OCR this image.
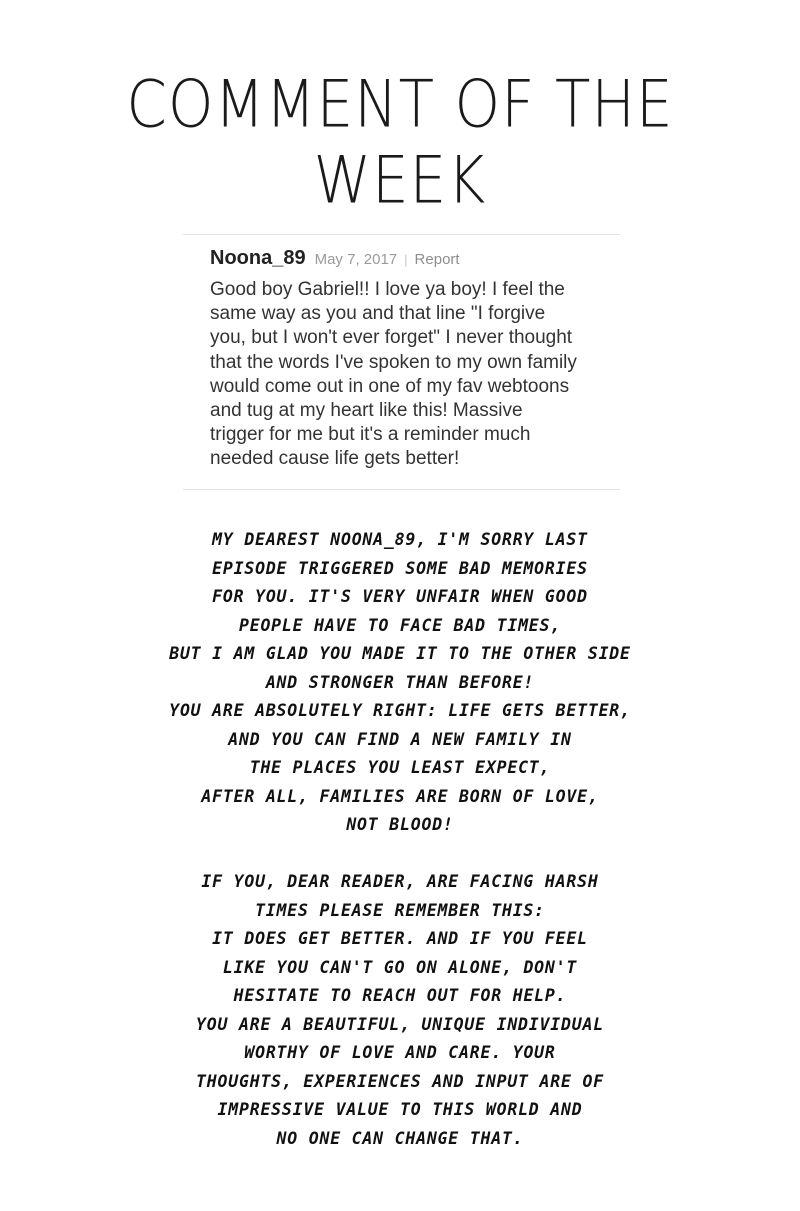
COMMENT OF THE
WEEK
Noona_89 May 7, 2017 | Report
Good boy Gabriel!! I love ya boy! I feel the
same way as you and that line "I forgive
you, but I won't ever forget" I never thought
that the words I've spoken to my own family
would come out in one of my fav webtoons
and tug at my heart like this! Massive
trigger for me but it's a reminder much
needed cause life gets better!
MY DEAREST NOONA_89, I'M SORRY LAST
EPISODE TRIGGERED SOME BAD MEMORIES
FOR YOU. IT'S VERY UNFAIR WHEN GOOD
PEOPLE HAVE TO FACE BAD TIMES,
BUT I AM GLAD YOU MADE IT TO THE OTHER SIDE
AND STRONGER THAN BEFORE!
YOU ARE ABSOLUTELY RIGHT: LIFE GETS BETTER,
AND YOU CAN FIND A NEW FAMILY IN
THE PLACES YOU LEAST EXPECT,
AFTER ALL, FAMILIES ARE BORN OF LOVE,
NOT BLOOD!
IF YOU, DEAR READER, ARE FACING HARSH
TIMES PLEASE REMEMBER THIS:
IT DOES GET BETTER. AND IF YOU FEEL
LIKE YOU CAN'T GO ON ALONE, DON'T
HESITATE TO REACH OUT FOR HELP.
YOU ARE A BEAUTIFUL, UNIQUE INDIVIDUAL
WORTHY OF LOVE AND CARE. YOUR
THOUGHTS, EXPERIENCES AND INPUT ARE OF
IMPRESSIVE VALUE TO THIS WORLD AND
NO ONE CAN CHANGE THAT.
